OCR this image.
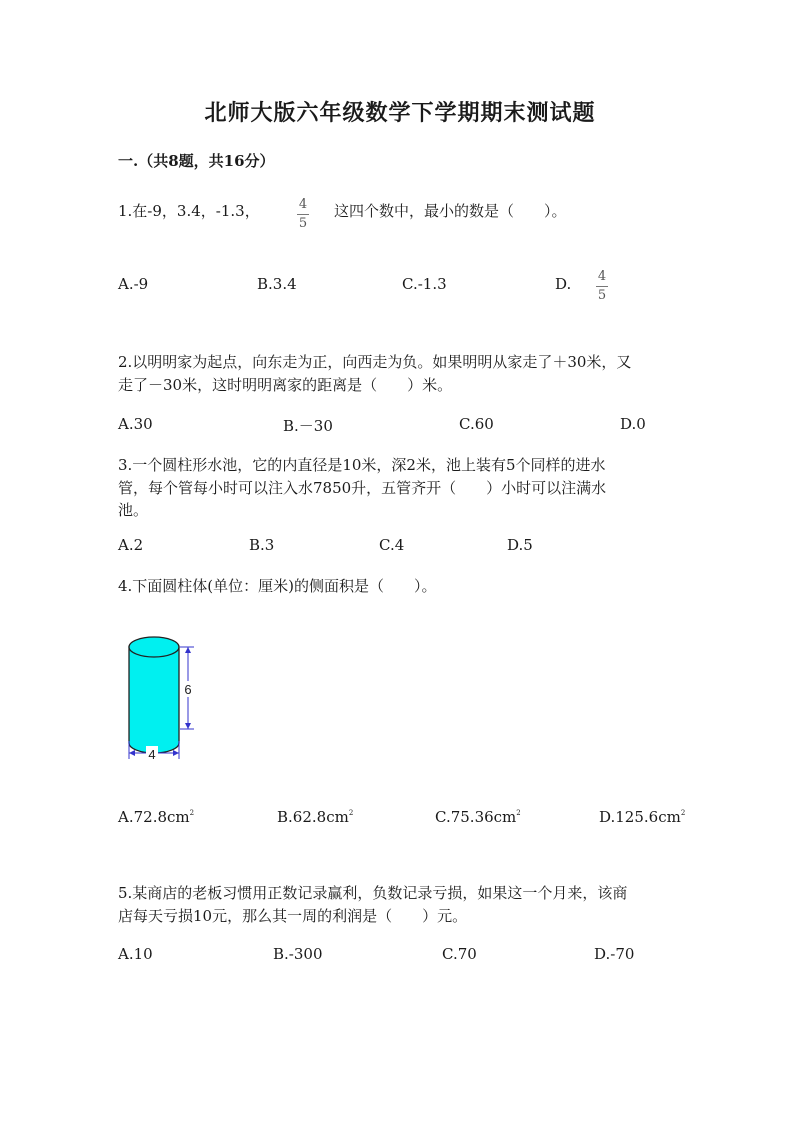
北师大版六年级数学下学期期末测试题
一.（共8题，共16分）
1.在-9，3.4，-1.3，	4
5
这四个数中，最小的数是（　　）。
A.-9	B.3.4	C.-1.3	D. 4
5
2.以明明家为起点，向东走为正，向西走为负。如果明明从家走了＋30米，又
走了－30米，这时明明离家的距离是（　　）米。
A.30	B.－30	C.60	D.0
3.一个圆柱形水池，它的内直径是10米，深2米，池上装有5个同样的进水
管，每个管每小时可以注入水7850升，五管齐开（　　）小时可以注满水
池。
A.2	B.3	C.4	D.5
4.下面圆柱体(单位：厘米)的侧面积是（　　）。
6
4
$A.72.8cm^2$	$B.62.8cm^2$	$C.75.36cm^2$	$D.125.6cm^2$
5.某商店的老板习惯用正数记录赢利，负数记录亏损，如果这一个月来，该商
店每天亏损10元，那么其一周的利润是（　　）元。
A.10	B.-300	C.70	D.-70
